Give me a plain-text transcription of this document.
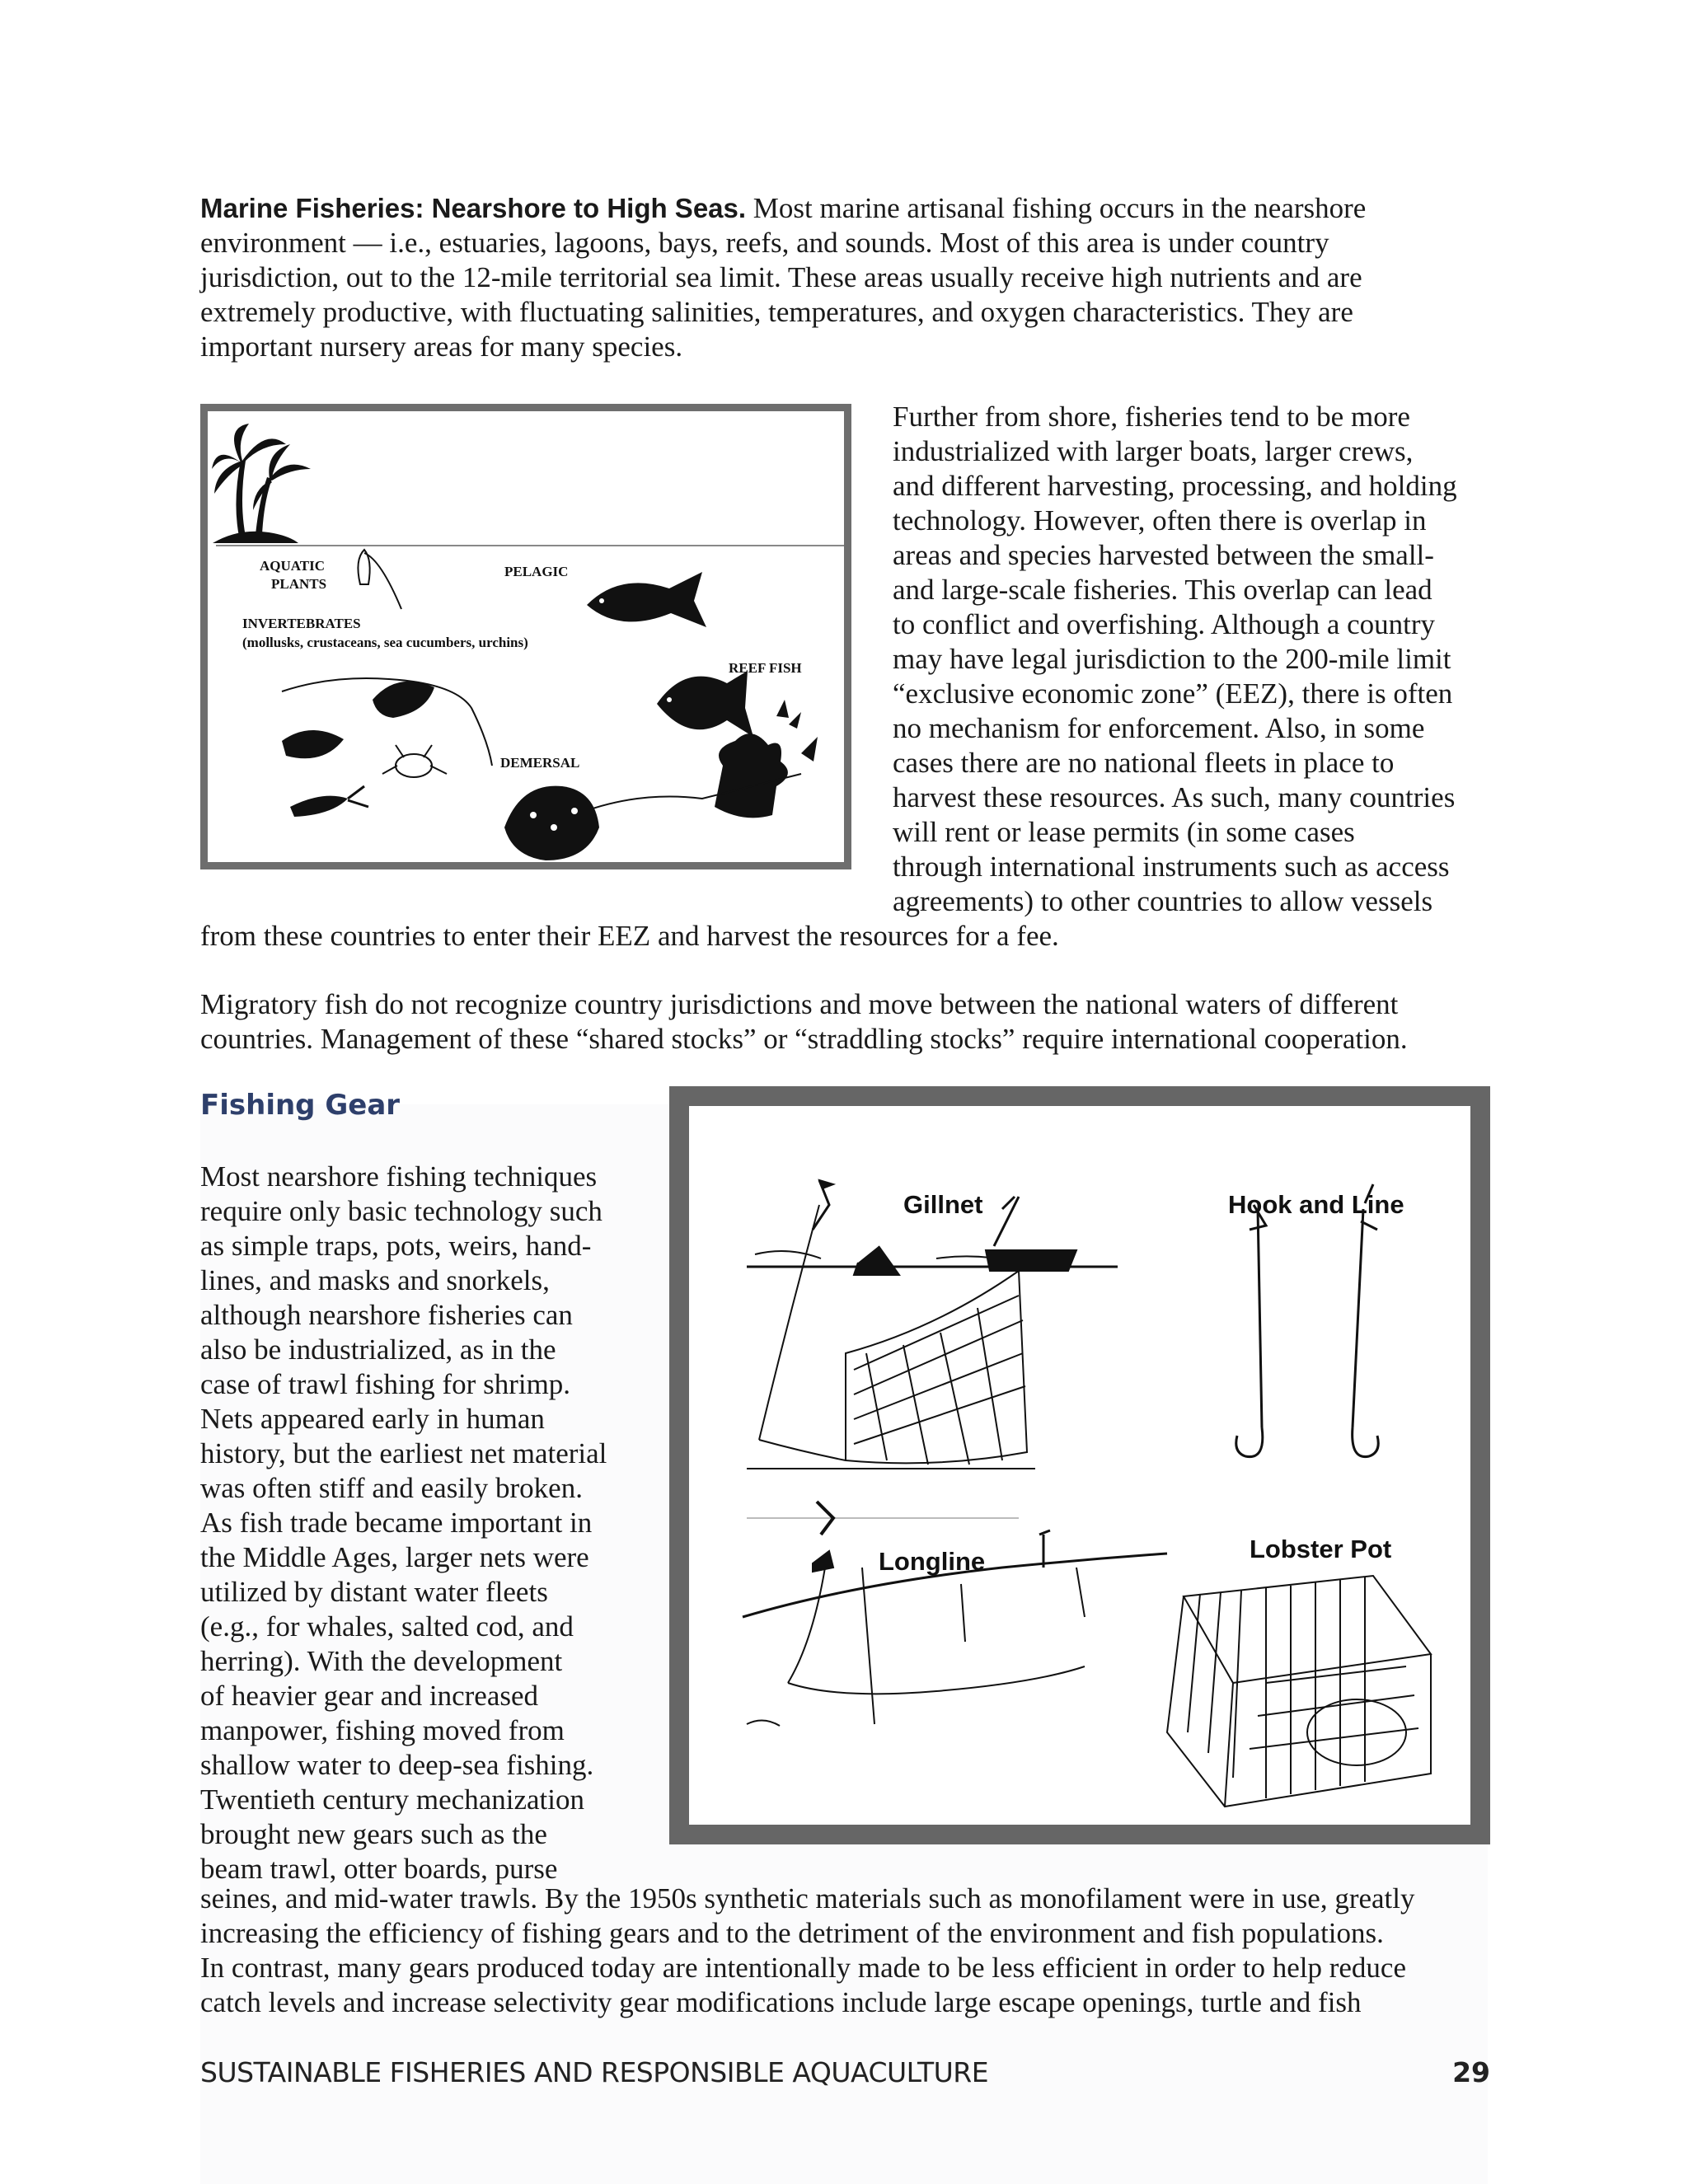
Marine Fisheries: Nearshore to High Seas. Most marine artisanal fishing occurs in the nearshore
environment — i.e., estuaries, lagoons, bays, reefs, and sounds. Most of this area is under country
jurisdiction, out to the 12-mile territorial sea limit. These areas usually receive high nutrients and are
extremely productive, with fluctuating salinities, temperatures, and oxygen characteristics. They are
important nursery areas for many species.

AQUATIC
PLANTS
PELAGIC
INVERTEBRATES
(mollusks, crustaceans, sea cucumbers, urchins)
REEF FISH
DEMERSAL

Further from shore, fisheries tend to be more
industrialized with larger boats, larger crews,
and different harvesting, processing, and holding
technology. However, often there is overlap in
areas and species harvested between the small-
and large-scale fisheries. This overlap can lead
to conflict and overfishing. Although a country
may have legal jurisdiction to the 200-mile limit
“exclusive economic zone” (EEZ), there is often
no mechanism for enforcement. Also, in some
cases there are no national fleets in place to
harvest these resources. As such, many countries
will rent or lease permits (in some cases
through international instruments such as access
agreements) to other countries to allow vessels

from these countries to enter their EEZ and harvest the resources for a fee.

Migratory fish do not recognize country jurisdictions and move between the national waters of different
countries. Management of these “shared stocks” or “straddling stocks” require international cooperation.

Fishing Gear

Most nearshore fishing techniques
require only basic technology such
as simple traps, pots, weirs, hand-
lines, and masks and snorkels,
although nearshore fisheries can
also be industrialized, as in the
case of trawl fishing for shrimp.
Nets appeared early in human
history, but the earliest net material
was often stiff and easily broken.
As fish trade became important in
the Middle Ages, larger nets were
utilized by distant water fleets
(e.g., for whales, salted cod, and
herring). With the development
of heavier gear and increased
manpower, fishing moved from
shallow water to deep-sea fishing.
Twentieth century mechanization
brought new gears such as the
beam trawl, otter boards, purse

seines, and mid-water trawls. By the 1950s synthetic materials such as monofilament were in use, greatly
increasing the efficiency of fishing gears and to the detriment of the environment and fish populations.
In contrast, many gears produced today are intentionally made to be less efficient in order to help reduce
catch levels and increase selectivity gear modifications include large escape openings, turtle and fish

Gillnet	Hook and Line
Longline	Lobster Pot
SUSTAINABLE FISHERIES AND RESPONSIBLE AQUACULTURE	29
